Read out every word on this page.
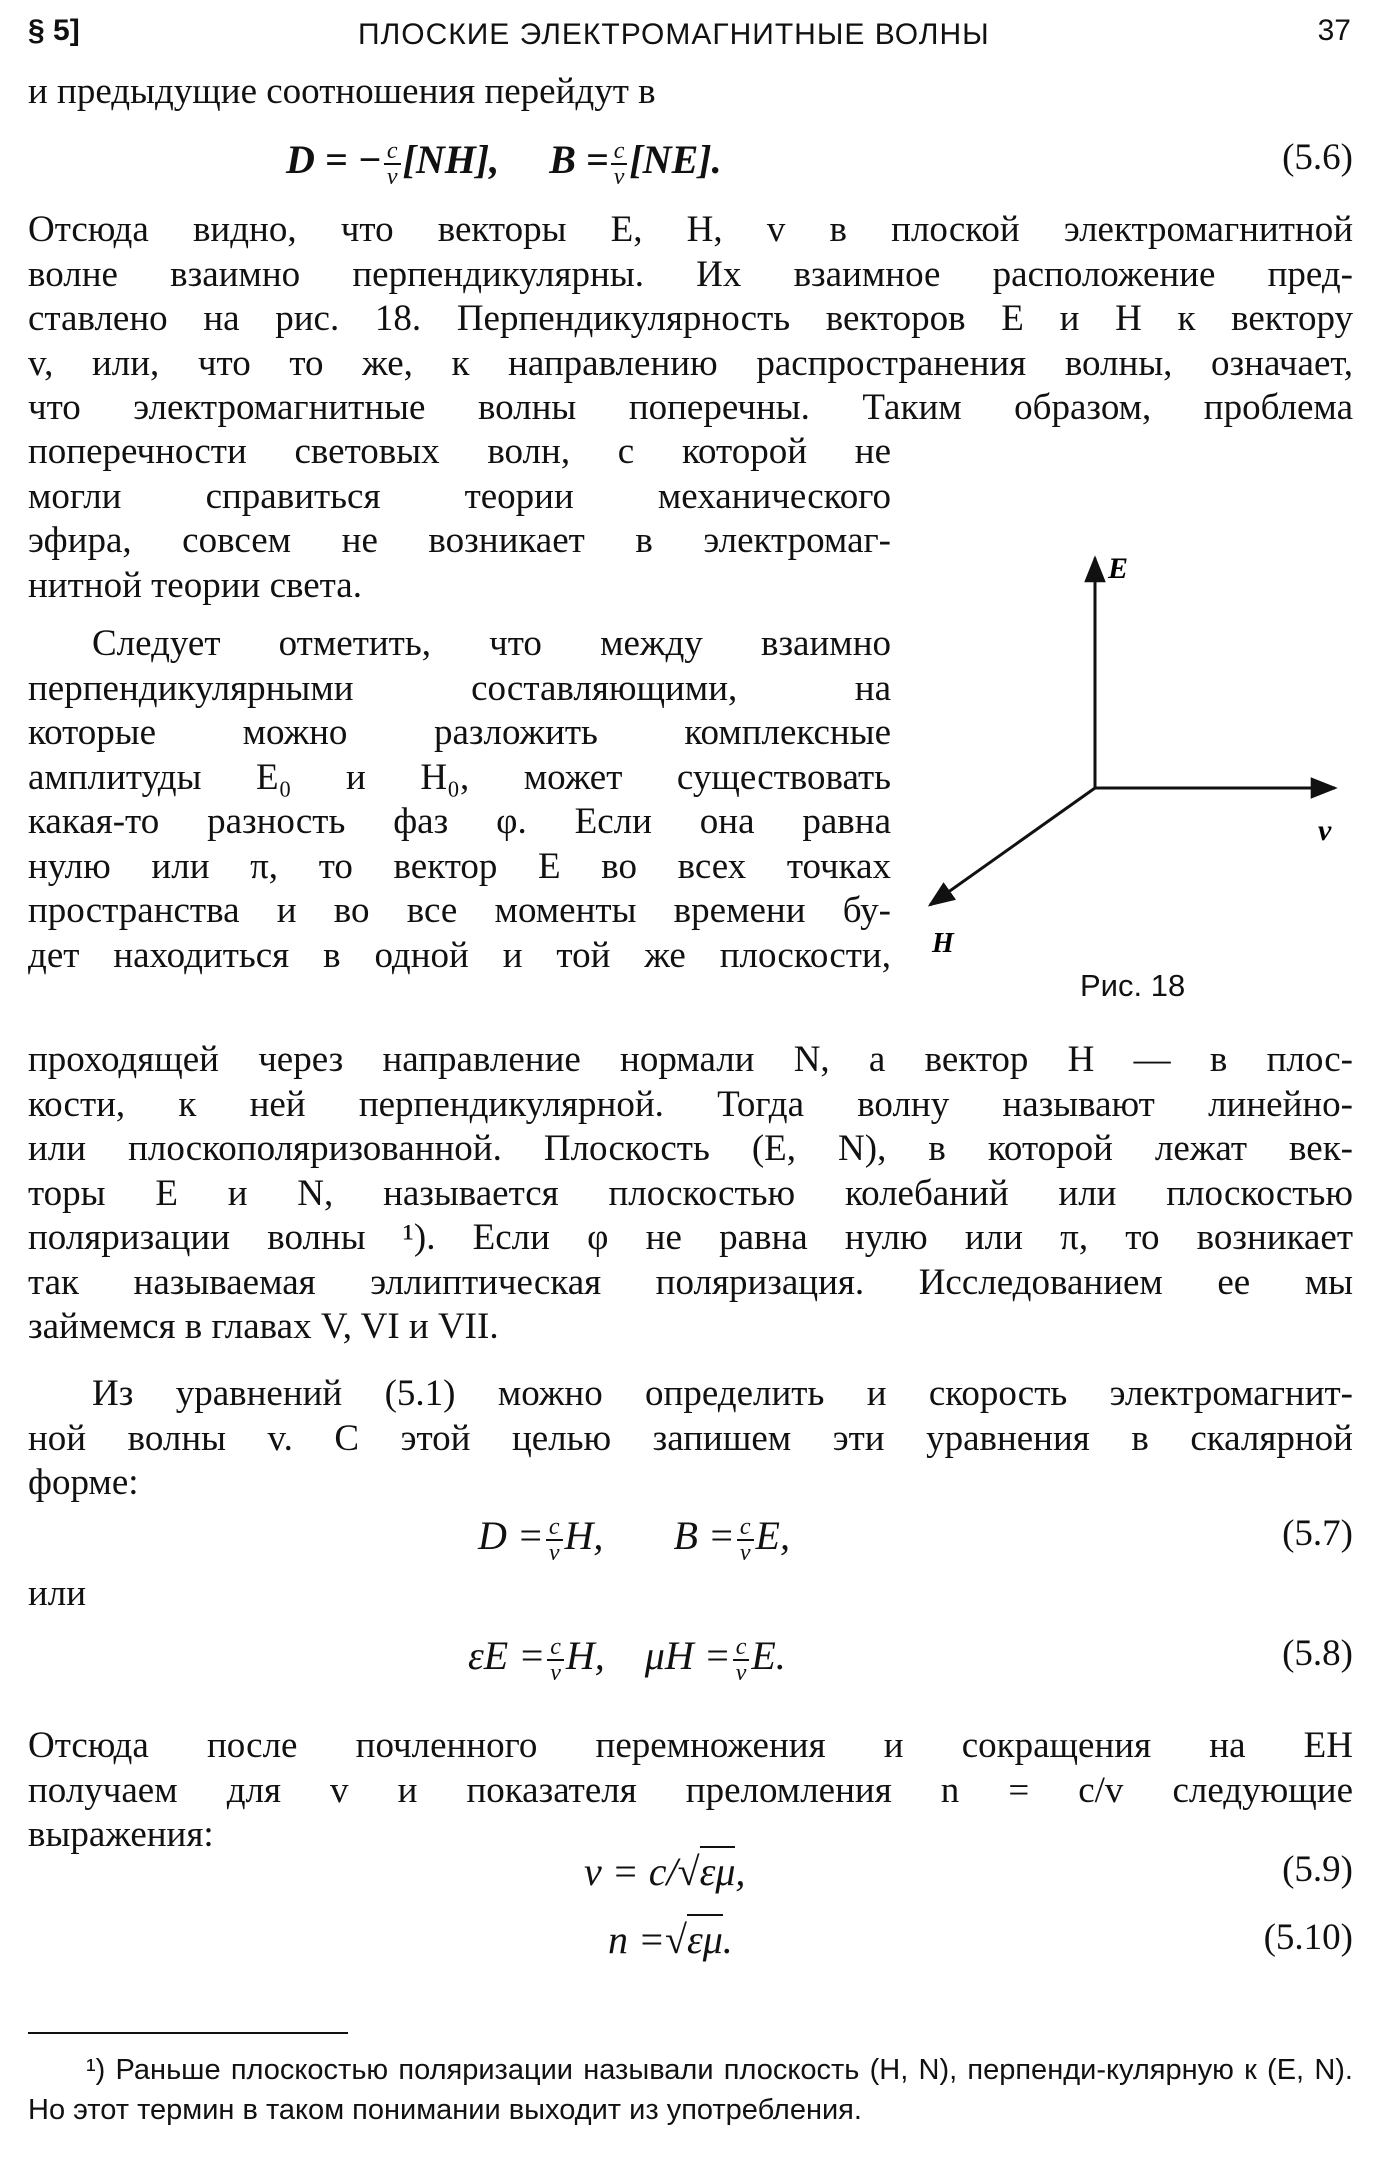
§ 5]	ПЛОСКИЕ ЭЛЕКТРОМАГНИТНЫЕ ВОЛНЫ	37
и предыдущие соотношения перейдут в
D = − $\frac{c}{v} [NH]$, $B = \frac{c}{v} [NE]$.	(5.6)
Отсюда видно, что векторы E, H, v в плоской электромагнитной
волне взаимно перпендикулярны. Их взаимное расположение пред-
ставлено на рис. 18. Перпендикулярность векторов E и H к вектору
v, или, что то же, к направлению распространения волны, означает,
что электромагнитные волны поперечны. Таким образом, проблема
поперечности световых волн, с которой не
могли справиться теории механического
эфира, совсем не возникает в электромаг-
нитной теории света.
Следует отметить, что между взаимно
перпендикулярными составляющими, на
которые можно разложить комплексные
амплитуды E₀ и H₀, может существовать
какая-то разность фаз φ. Если она равна
нулю или π, то вектор E во всех точках
пространства и во все моменты времени бу-
дет находиться в одной и той же плоскости,
проходящей через направление нормали N, а вектор H — в плос-
кости, к ней перпендикулярной. Тогда волну называют линейно-
или плоскополяризованной. Плоскость (E, N), в которой лежат век-
торы E и N, называется плоскостью колебаний или плоскостью
поляризации волны ¹). Если φ не равна нулю или π, то возникает
так называемая эллиптическая поляризация. Исследованием ее мы
займемся в главах V, VI и VII.
E
v
H
Рис. 18
Из уравнений (5.1) можно определить и скорость электромагнит-
ной волны v. С этой целью запишем эти уравнения в скалярной
форме:
$D = \frac{c}{v} H$, $B = \frac{c}{v} E$,	(5.7)
или
$\varepsilon E = \frac{c}{v} H$, $\mu H = \frac{c}{v} E$.	(5.8)
Отсюда после почленного перемножения и сокращения на EH
получаем для v и показателя преломления n = c/v следующие
выражения:
v = c/√εμ,	(5.9)
n =√εμ.	(5.10)
¹) Раньше плоскостью поляризации называли плоскость (H, N), перпенди-кулярную к (E, N). Но этот термин в таком понимании выходит из употребления.
